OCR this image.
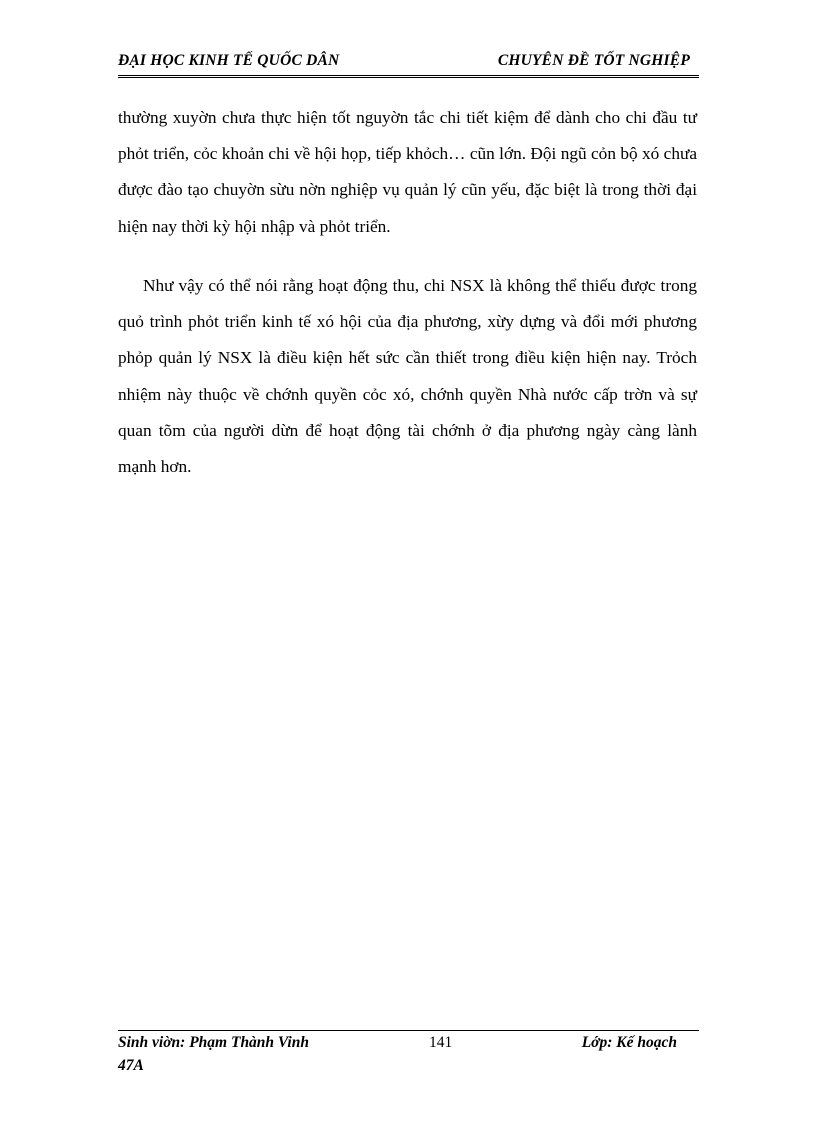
ĐẠI HỌC KINH TẾ QUỐC DÂN	CHUYÊN ĐỀ TỐT NGHIỆP
thường xuyờn chưa thực hiện tốt nguyờn tắc chi tiết kiệm để dành cho chi đầu tư phỏt triển, cỏc khoản chi về hội họp, tiếp khỏch… cũn lớn. Đội ngũ cỏn bộ xó chưa được đào tạo chuyờn sừu nờn nghiệp vụ quản lý cũn yếu, đặc biệt là trong thời đại hiện nay thời kỳ hội nhập và phỏt triển.
Như vậy có thể nói rằng hoạt động thu, chi NSX là không thể thiếu được trong quỏ trình phỏt triển kinh tế xó hội của địa phương, xừy dựng và đổi mới phương phỏp quản lý NSX là điều kiện hết sức cần thiết trong điều kiện hiện nay. Trỏch nhiệm này thuộc về chớnh quyền cỏc xó, chớnh quyền Nhà nước cấp trờn và sự quan tõm của người dừn để hoạt động tài chớnh ở địa phương ngày càng lành mạnh hơn.
Sinh viờn: Phạm Thành Vinh	141	Lớp: Kế hoạch
47A
